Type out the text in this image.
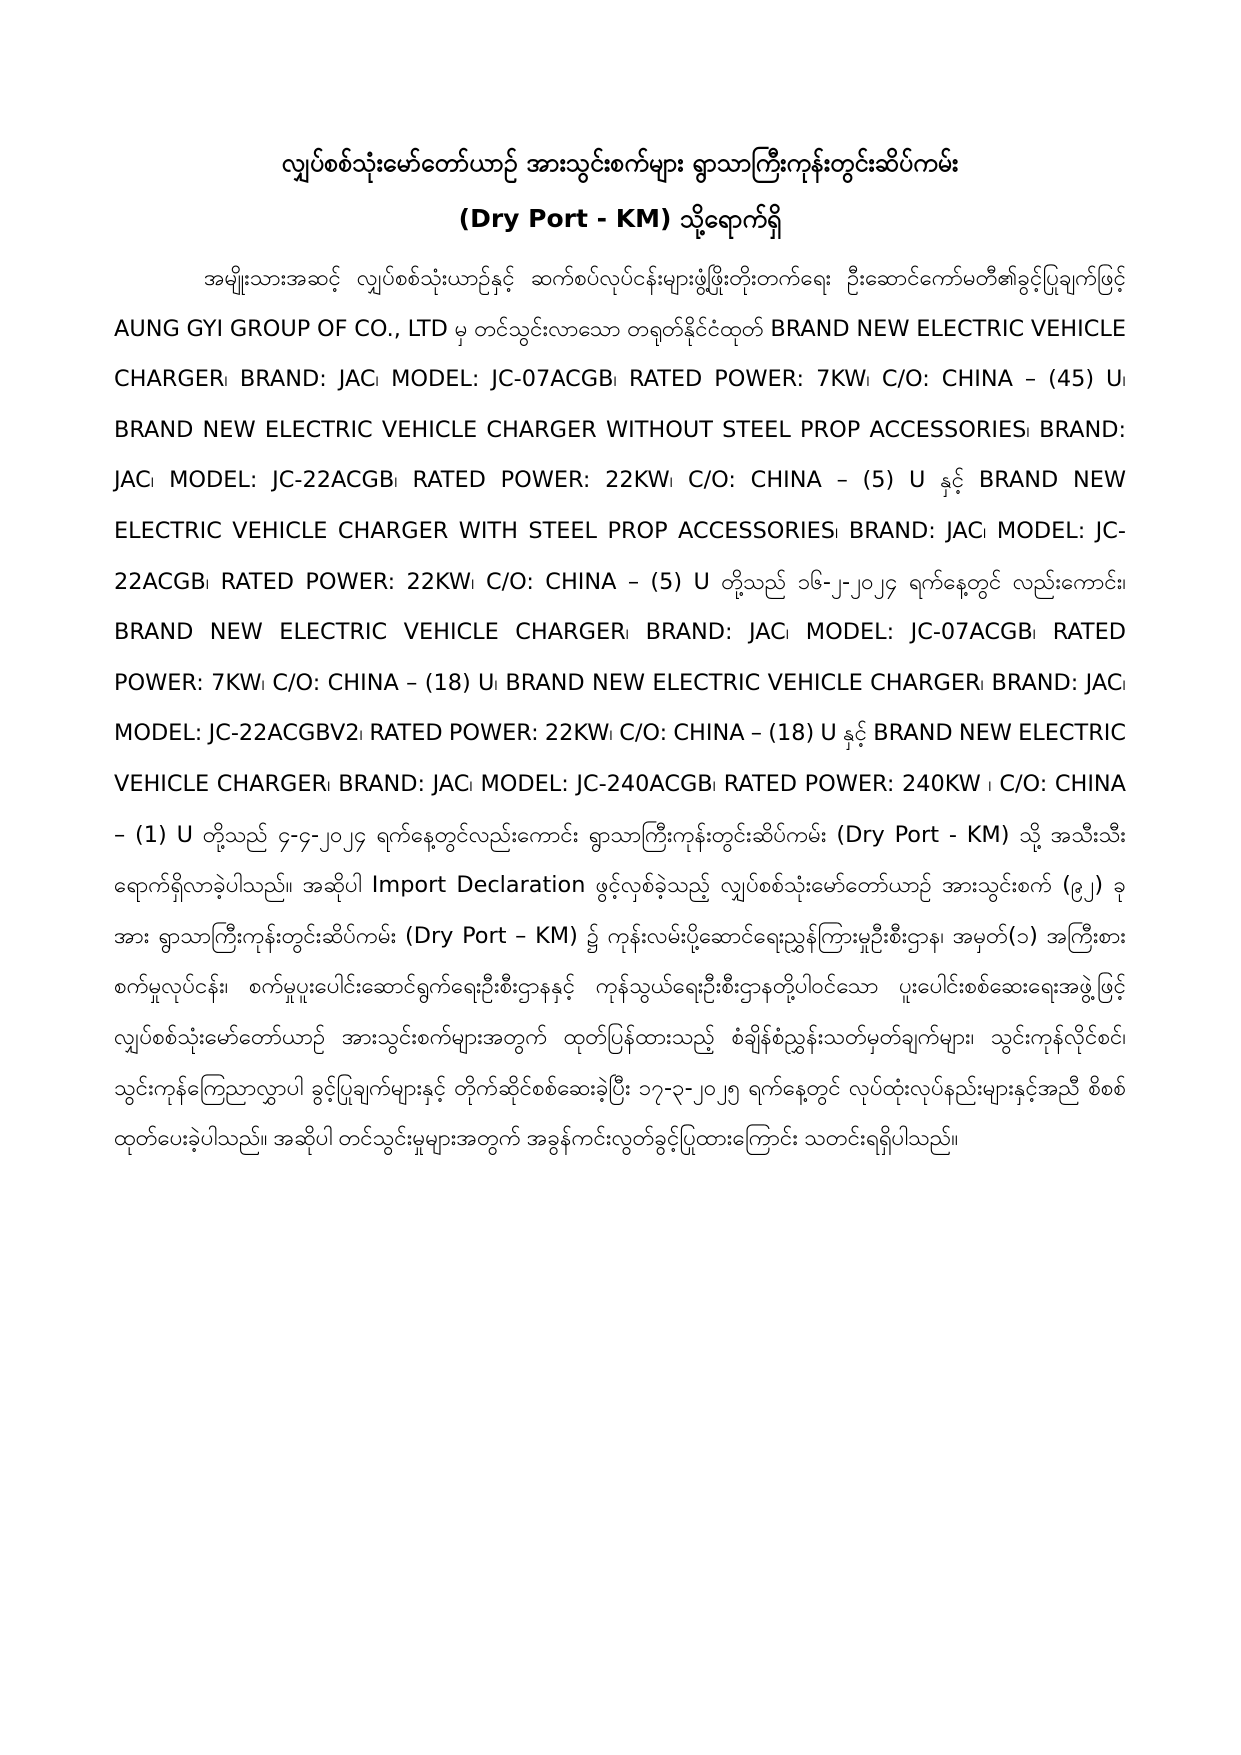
လျှပ်စစ်သုံးမော်တော်ယာဉ် အားသွင်းစက်များ ရွာသာကြီးကုန်းတွင်းဆိပ်ကမ်း

(Dry Port - KM) သို့ရောက်ရှိ

အမျိုးသားအဆင့် လျှပ်စစ်သုံးယာဉ်နှင့် ဆက်စပ်လုပ်ငန်းများဖွံ့ဖြိုးတိုးတက်ရေး ဦးဆောင်ကော်မတီ၏ခွင့်ပြုချက်ဖြင့် AUNG GYI GROUP OF CO., LTD မှ တင်သွင်းလာသော တရုတ်နိုင်ငံထုတ် BRAND NEW ELECTRIC VEHICLE CHARGER၊ BRAND: JAC၊ MODEL: JC-07ACGB၊ RATED POWER: 7KW၊ C/O: CHINA – (45) U၊ BRAND NEW ELECTRIC VEHICLE CHARGER WITHOUT STEEL PROP ACCESSORIES၊ BRAND: JAC၊ MODEL: JC-22ACGB၊ RATED POWER: 22KW၊ C/O: CHINA – (5) U နှင့် BRAND NEW ELECTRIC VEHICLE CHARGER WITH STEEL PROP ACCESSORIES၊ BRAND: JAC၊ MODEL: JC-22ACGB၊ RATED POWER: 22KW၊ C/O: CHINA – (5) U တို့သည် ၁၆-၂-၂၀၂၄ ရက်နေ့တွင် လည်းကောင်း၊ BRAND NEW ELECTRIC VEHICLE CHARGER၊ BRAND: JAC၊ MODEL: JC-07ACGB၊ RATED POWER: 7KW၊ C/O: CHINA – (18) U၊ BRAND NEW ELECTRIC VEHICLE CHARGER၊ BRAND: JAC၊ MODEL: JC-22ACGBV2၊ RATED POWER: 22KW၊ C/O: CHINA – (18) U နှင့် BRAND NEW ELECTRIC VEHICLE CHARGER၊ BRAND: JAC၊ MODEL: JC-240ACGB၊ RATED POWER: 240KW ၊ C/O: CHINA – (1) U တို့သည် ၄-၄-၂၀၂၄ ရက်နေ့တွင်လည်းကောင်း ရွာသာကြီးကုန်းတွင်းဆိပ်ကမ်း (Dry Port - KM) သို့ အသီးသီး ရောက်ရှိလာခဲ့ပါသည်။ အဆိုပါ Import Declaration ဖွင့်လှစ်ခဲ့သည့် လျှပ်စစ်သုံးမော်တော်ယာဉ် အားသွင်းစက် (၉၂) ခုအား ရွာသာကြီးကုန်းတွင်းဆိပ်ကမ်း (Dry Port – KM) ၌ ကုန်းလမ်းပို့ဆောင်ရေးညွှန်ကြားမှုဦးစီးဌာန၊ အမှတ်(၁) အကြီးစားစက်မှုလုပ်ငန်း၊ စက်မှုပူးပေါင်းဆောင်ရွက်ရေးဦးစီးဌာနနှင့် ကုန်သွယ်ရေးဦးစီးဌာနတို့ပါဝင်သော ပူးပေါင်းစစ်ဆေးရေးအဖွဲ့ဖြင့် လျှပ်စစ်သုံးမော်တော်ယာဉ် အားသွင်းစက်များအတွက် ထုတ်ပြန်ထားသည့် စံချိန်စံညွှန်းသတ်မှတ်ချက်များ၊ သွင်းကုန်လိုင်စင်၊ သွင်းကုန်ကြေညာလွှာပါ ခွင့်ပြုချက်များနှင့် တိုက်ဆိုင်စစ်ဆေးခဲ့ပြီး ၁၇-၃-၂၀၂၅ ရက်နေ့တွင် လုပ်ထုံးလုပ်နည်းများနှင့်အညီ စိစစ်ထုတ်ပေးခဲ့ပါသည်။ အဆိုပါ တင်သွင်းမှုများအတွက် အခွန်ကင်းလွတ်ခွင့်ပြုထားကြောင်း သတင်းရရှိပါသည်။
